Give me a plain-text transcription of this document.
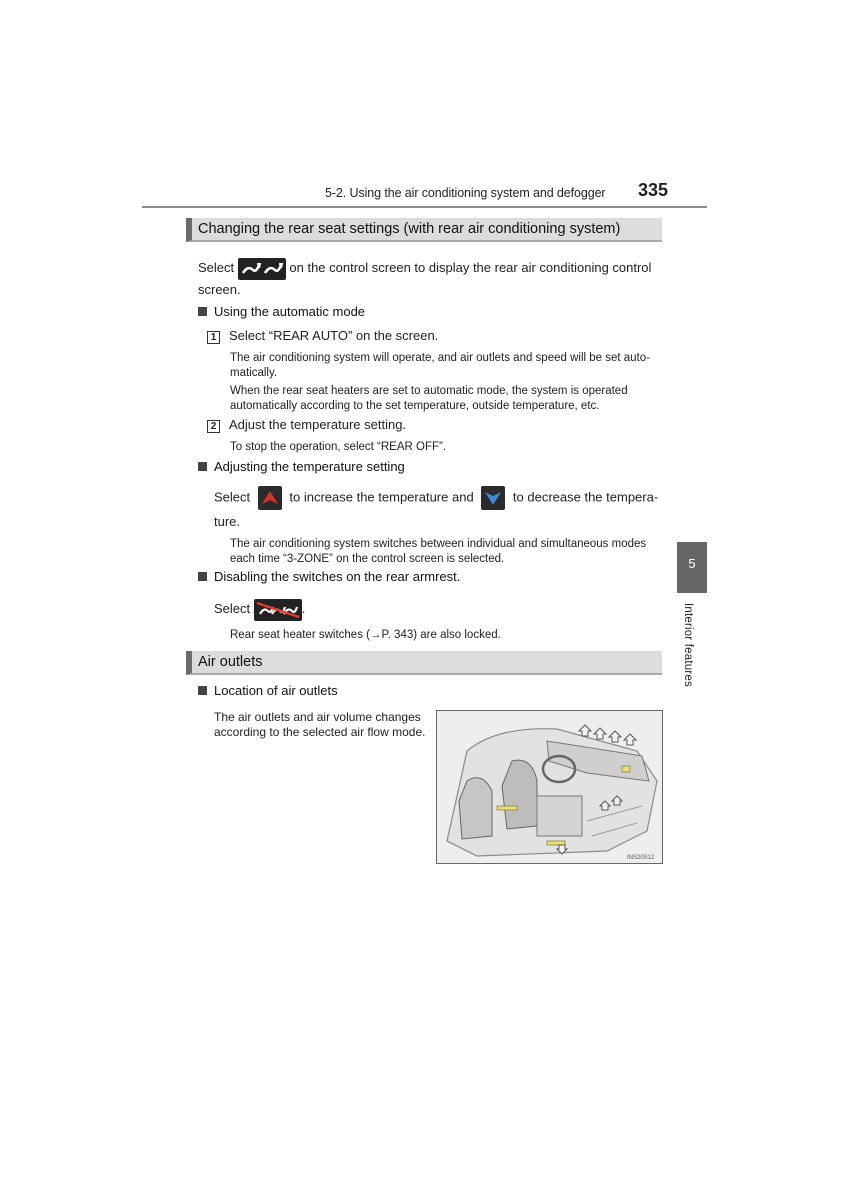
5-2. Using the air conditioning system and defogger 335
Changing the rear seat settings (with rear air conditioning system)
Select	on the control screen to display the rear air conditioning control
screen.
Using the automatic mode
1 Select “REAR AUTO” on the screen.
The air conditioning system will operate, and air outlets and speed will be set auto-
matically.
When the rear seat heaters are set to automatic mode, the system is operated
automatically according to the set temperature, outside temperature, etc.
2 Adjust the temperature setting.
To stop the operation, select “REAR OFF”.
Adjusting the temperature setting
Select	to increase the temperature and	to decrease the tempera-
ture.
The air conditioning system switches between individual and simultaneous modes
each time “3-ZONE” on the control screen is selected.
Disabling the switches on the rear armrest.
Select	.
Rear seat heater switches (→P. 343) are also locked.
Air outlets
Location of air outlets
The air outlets and air volume changes
according to the selected air flow mode.
INS20S12
5
Interior features
